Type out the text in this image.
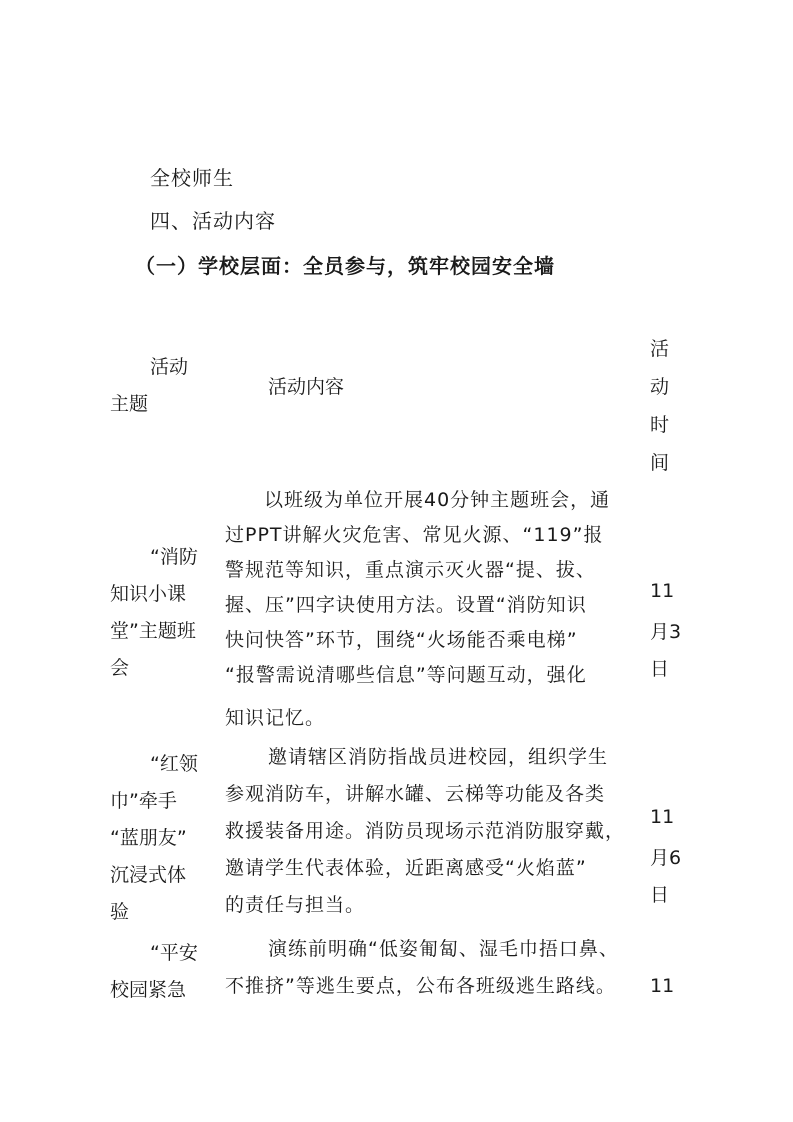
全校师生
四、活动内容
（一）学校层面：全员参与，筑牢校园安全墙
活动
主题
活动内容
活
动
时
间
“消防
知识小课
堂”主题班
会
以班级为单位开展40分钟主题班会，通
过PPT讲解火灾危害、常见火源、“119”报
警规范等知识，重点演示灭火器“提、拔、
握、压”四字诀使用方法。设置“消防知识
快问快答”环节，围绕“火场能否乘电梯”
“报警需说清哪些信息”等问题互动，强化
知识记忆。
11
月3
日
“红领
巾”牵手
“蓝朋友”
沉浸式体
验
邀请辖区消防指战员进校园，组织学生
参观消防车，讲解水罐、云梯等功能及各类
救援装备用途。消防员现场示范消防服穿戴，
邀请学生代表体验，近距离感受“火焰蓝”
的责任与担当。
11
月6
日
“平安
校园紧急
演练前明确“低姿匍匐、湿毛巾捂口鼻、
不推挤”等逃生要点，公布各班级逃生路线。 11
